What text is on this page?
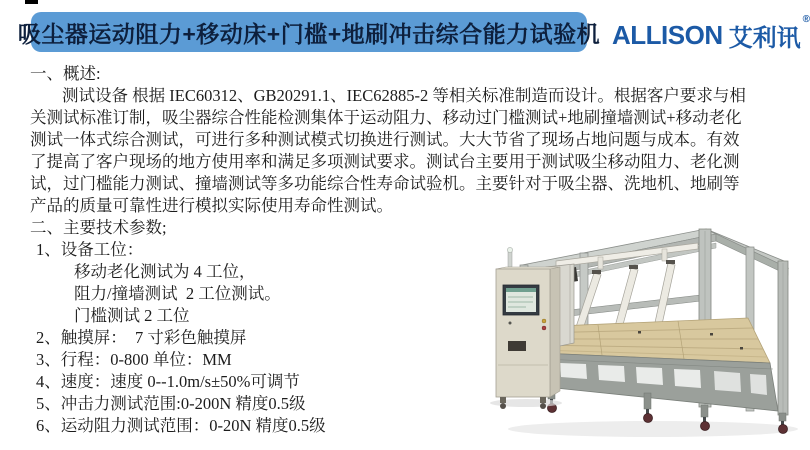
吸尘器运动阻力+移动床+门槛+地刷冲击综合能力试验机 ALLISON 艾利讯
®
一、概述:
测试设备 根据 IEC60312、GB20291.1、IEC62885-2 等相关标准制造而设计。根据客户要求与相
关测试标准订制，吸尘器综合性能检测集体于运动阻力、移动过门槛测试+地刷撞墙测试+移动老化
测试一体式综合测试，可进行多种测试模式切换进行测试。大大节省了现场占地问题与成本。有效
了提高了客户现场的地方使用率和满足多项测试要求。测试台主要用于测试吸尘移动阻力、老化测
试，过门槛能力测试、撞墙测试等多功能综合性寿命试验机。主要针对于吸尘器、洗地机、地刷等
产品的质量可靠性进行模拟实际使用寿命性测试。
二、主要技术参数;
1、设备工位：
移动老化测试为 4 工位，
阻力/撞墙测试  2 工位测试。
门槛测试 2 工位
2、触摸屏：  7 寸彩色触摸屏
3、行程：0-800 单位：MM
4、速度：速度 0--1.0m/s±50%可调节
5、冲击力测试范围:0-200N 精度0.5级
6、运动阻力测试范围：0-20N 精度0.5级
